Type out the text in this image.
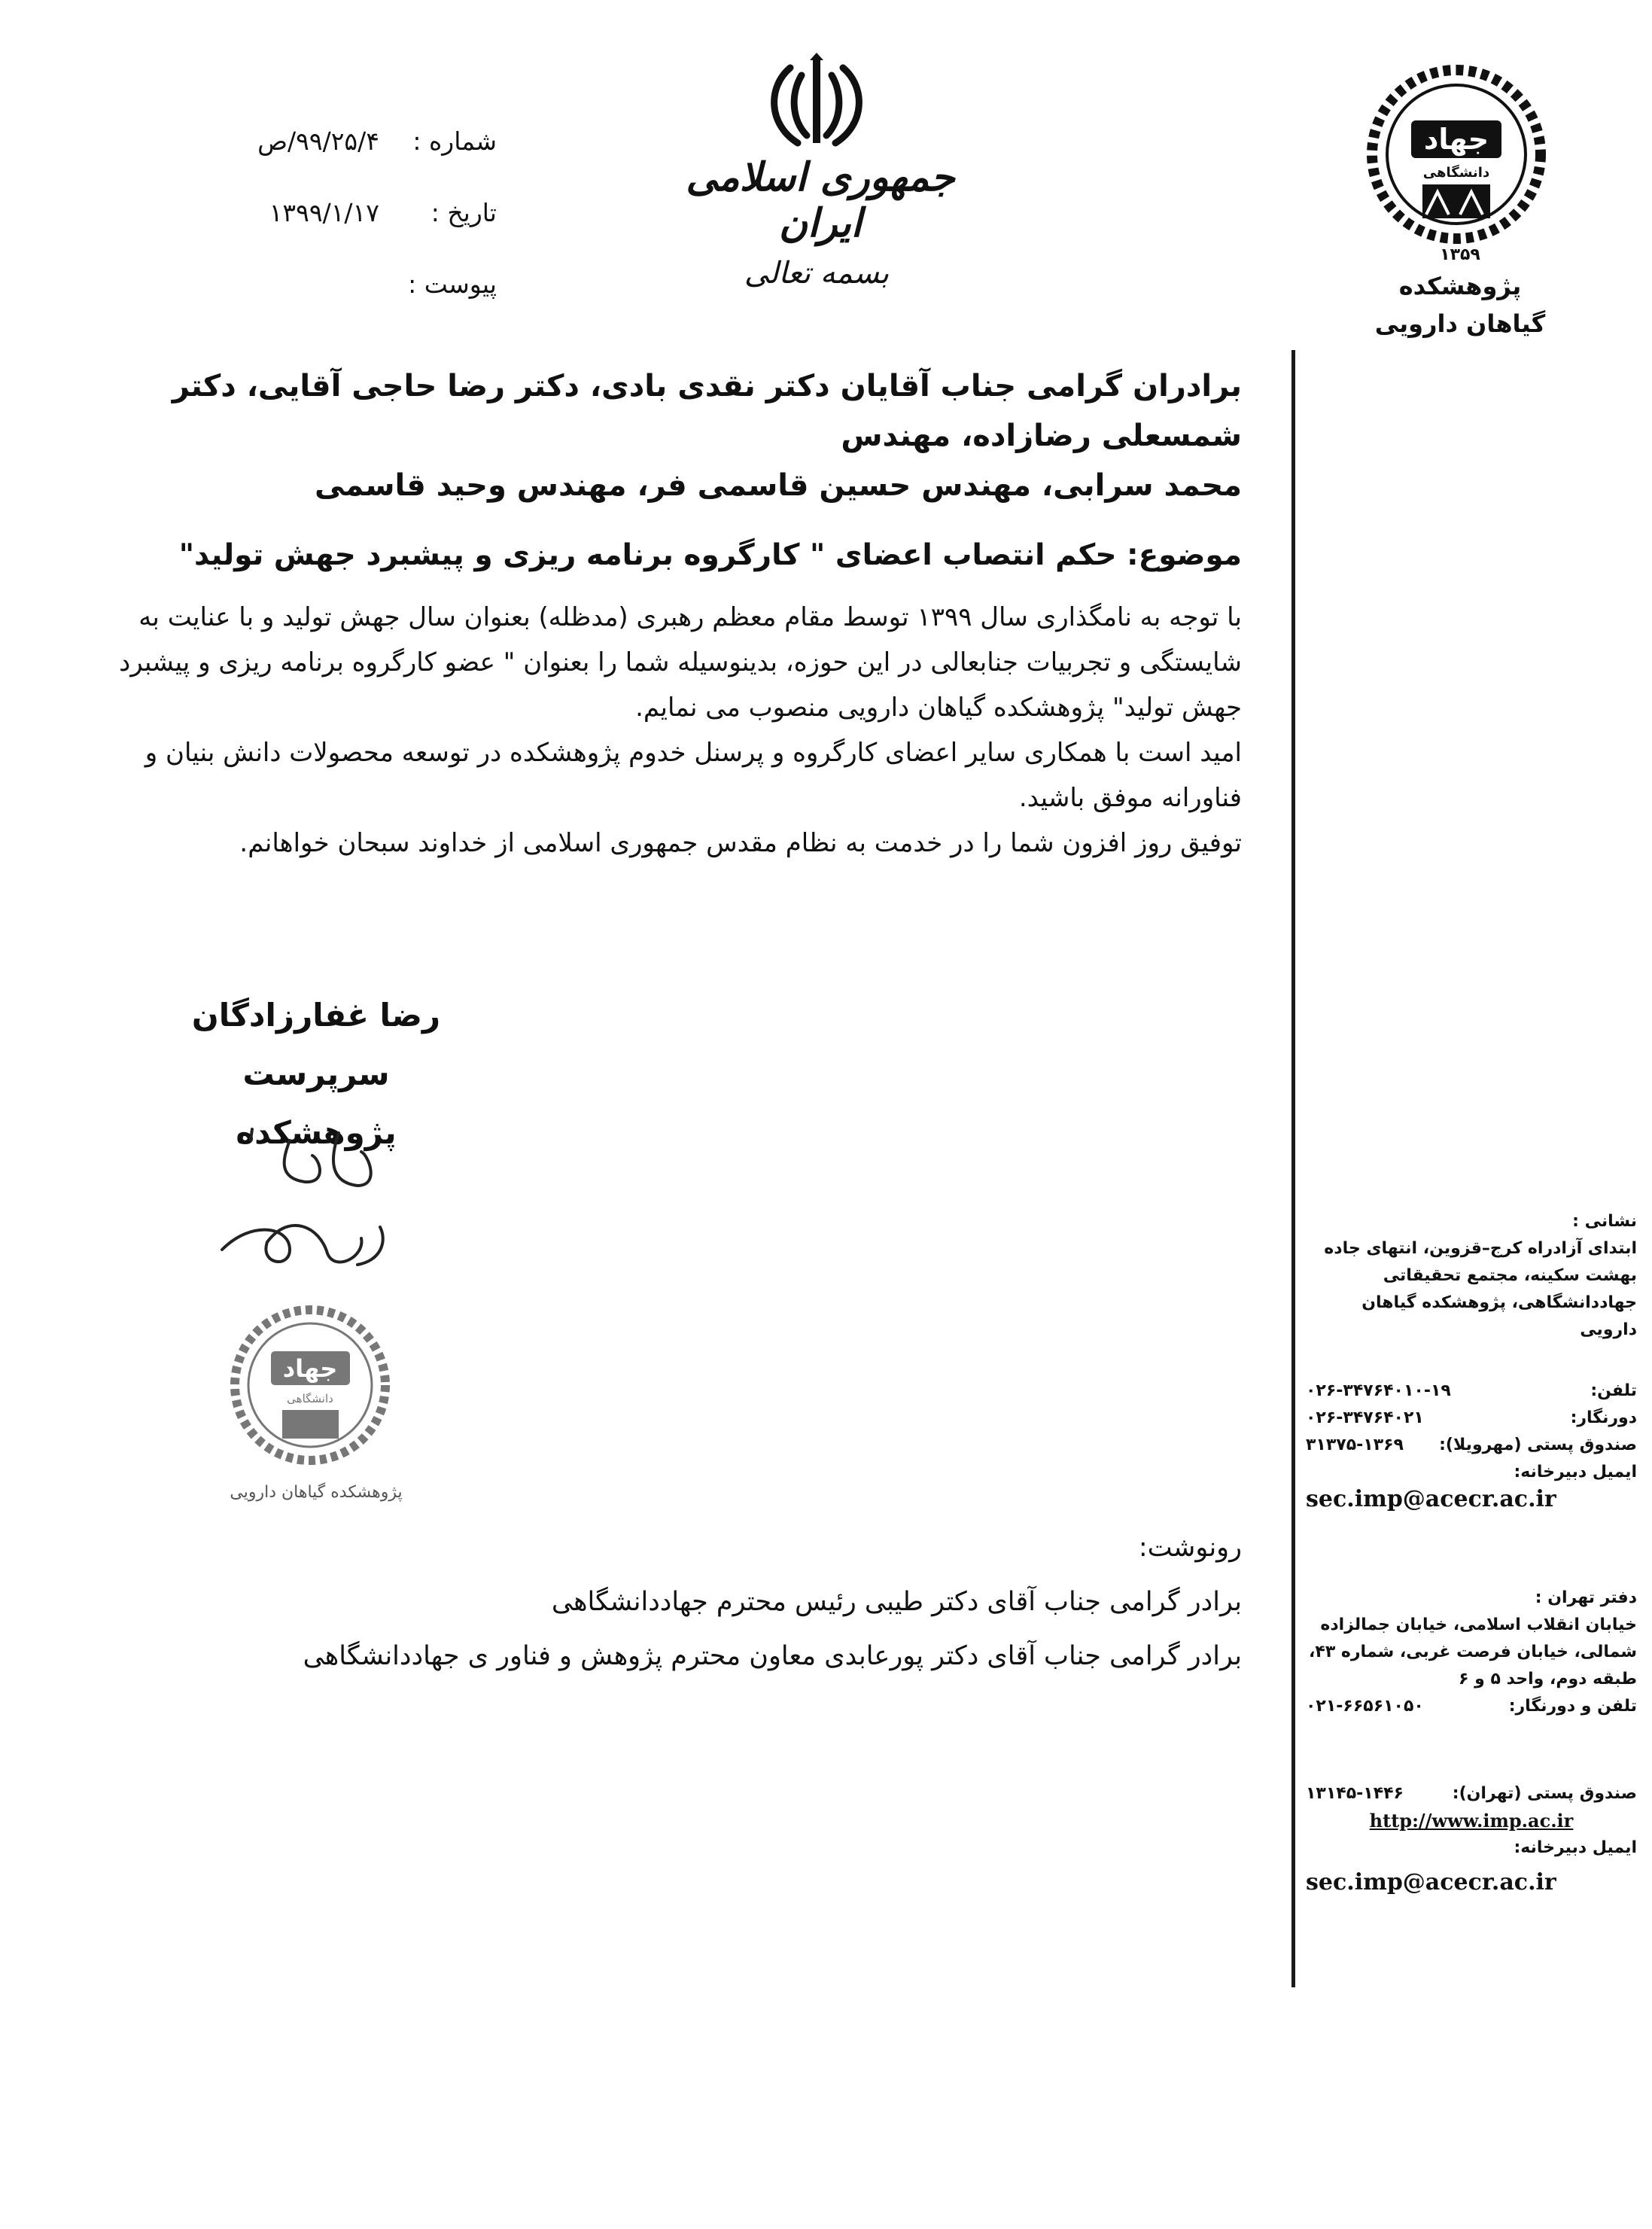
جمهوری اسلامی ایران
بسمه تعالی
شماره :
۹۹/۲۵/۴/ص
تاریخ :
۱۳۹۹/۱/۱۷
پیوست :
جهاد
دانشگاهی
۱۳۵۹
پژوهشکده
گیاهان دارویی
برادران گرامی جناب آقایان دکتر نقدی بادی، دکتر رضا حاجی آقایی، دکتر شمسعلی رضازاده، مهندس
محمد سرابی، مهندس حسین قاسمی فر، مهندس وحید قاسمی
موضوع: حکم انتصاب اعضای " کارگروه برنامه ریزی و پیشبرد جهش تولید"

با توجه به نامگذاری سال ۱۳۹۹ توسط مقام معظم رهبری (مدظله) بعنوان سال جهش تولید و با عنایت به شایستگی و تجربیات جنابعالی در این حوزه، بدینوسیله شما را بعنوان " عضو کارگروه برنامه ریزی و پیشبرد جهش تولید" پژوهشکده گیاهان دارویی منصوب می نمایم.

امید است با همکاری سایر اعضای کارگروه و پرسنل خدوم پژوهشکده در توسعه محصولات دانش بنیان و فناورانه موفق باشید.

توفیق روز افزون شما را در خدمت به نظام مقدس جمهوری اسلامی از خداوند سبحان خواهانم.

رضا غفارزادگان
سرپرست پژوهشکده
جهاد
دانشگاهی
پژوهشکده گیاهان دارویی

رونوشت:

برادر گرامی جناب آقای دکتر طیبی رئیس محترم جهاددانشگاهی

برادر گرامی جناب آقای دکتر پورعابدی معاون محترم پژوهش و فناور ی جهاددانشگاهی

نشانی :
ابتدای آزادراه کرج–قزوین، انتهای جاده بهشت سکینه، مجتمع تحقیقاتی جهاددانشگاهی، پژوهشکده گیاهان دارویی
تلفن:
۰۲۶-۳۴۷۶۴۰۱۰-۱۹
دورنگار:
۰۲۶-۳۴۷۶۴۰۲۱
صندوق پستی (مهرویلا):
۳۱۳۷۵-۱۳۶۹
ایمیل دبیرخانه:
sec.imp@acecr.ac.ir
دفتر تهران :
خیابان انقلاب اسلامی، خیابان جمالزاده شمالی، خیابان فرصت غربی، شماره ۴۳، طبقه دوم، واحد ۵ و ۶
تلفن و دورنگار:
۰۲۱-۶۶۵۶۱۰۵۰
صندوق پستی (تهران):
۱۳۱۴۵-۱۴۴۶
http://www.imp.ac.ir
ایمیل دبیرخانه:
sec.imp@acecr.ac.ir
